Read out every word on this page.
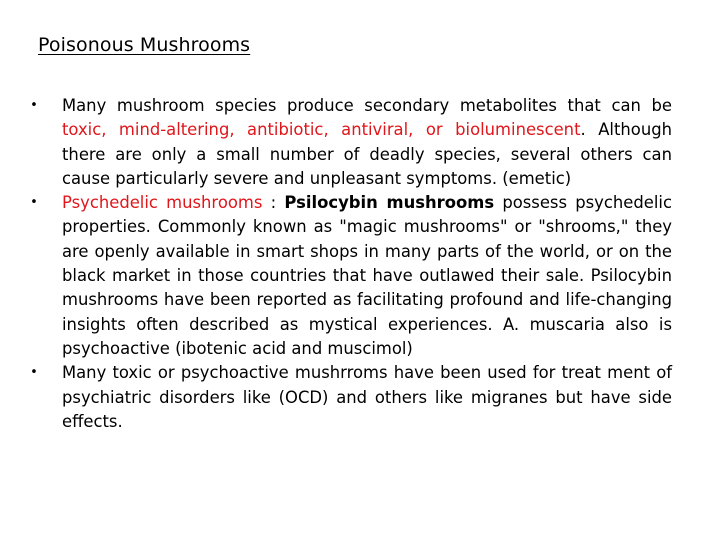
Poisonous Mushrooms
• Many mushroom species produce secondary metabolites that can be toxic, mind-altering, antibiotic, antiviral, or bioluminescent. Although there are only a small number of deadly species, several others can cause particularly severe and unpleasant symptoms. (emetic)
• Psychedelic mushrooms : Psilocybin mushrooms possess psychedelic properties. Commonly known as "magic mushrooms" or "shrooms," they are openly available in smart shops in many parts of the world, or on the black market in those countries that have outlawed their sale. Psilocybin mushrooms have been reported as facilitating profound and life-changing insights often described as mystical experiences. A. muscaria also is psychoactive (ibotenic acid and muscimol)
• Many toxic or psychoactive mushrroms have been used for treat ment of psychiatric disorders like (OCD) and others like migranes but have side effects.
